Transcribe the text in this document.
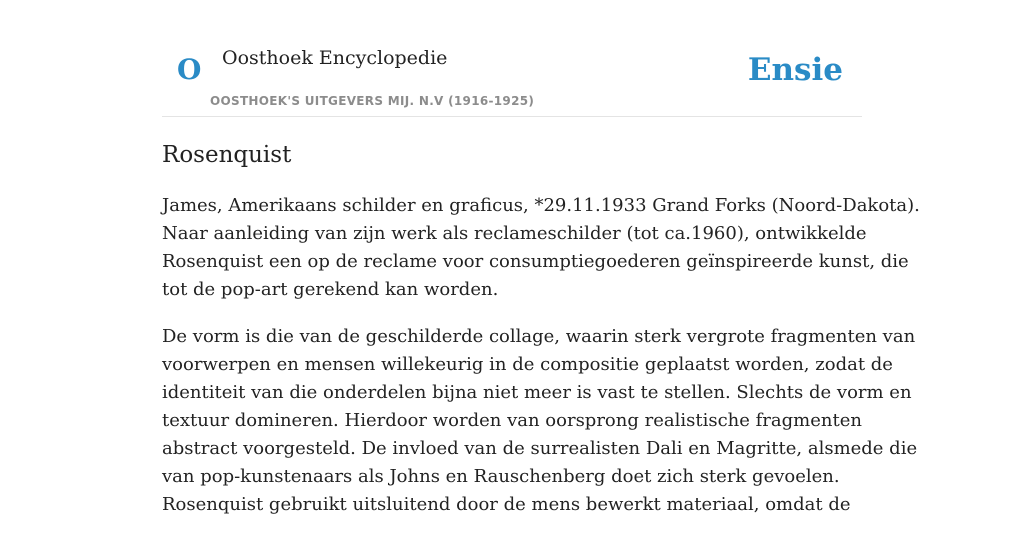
O Oosthoek Encyclopedie
OOSTHOEK'S UITGEVERS MIJ. N.V (1916-1925)
Ensie
Rosenquist

James, Amerikaans schilder en graficus, *29.11.1933 Grand Forks (Noord-Dakota).
Naar aanleiding van zijn werk als reclameschilder (tot ca.1960), ontwikkelde
Rosenquist een op de reclame voor consumptiegoederen geïnspireerde kunst, die
tot de pop-art gerekend kan worden.

De vorm is die van de geschilderde collage, waarin sterk vergrote fragmenten van
voorwerpen en mensen willekeurig in de compositie geplaatst worden, zodat de
identiteit van die onderdelen bijna niet meer is vast te stellen. Slechts de vorm en
textuur domineren. Hierdoor worden van oorsprong realistische fragmenten
abstract voorgesteld. De invloed van de surrealisten Dali en Magritte, alsmede die
van pop-kunstenaars als Johns en Rauschenberg doet zich sterk gevoelen.
Rosenquist gebruikt uitsluitend door de mens bewerkt materiaal, omdat de
